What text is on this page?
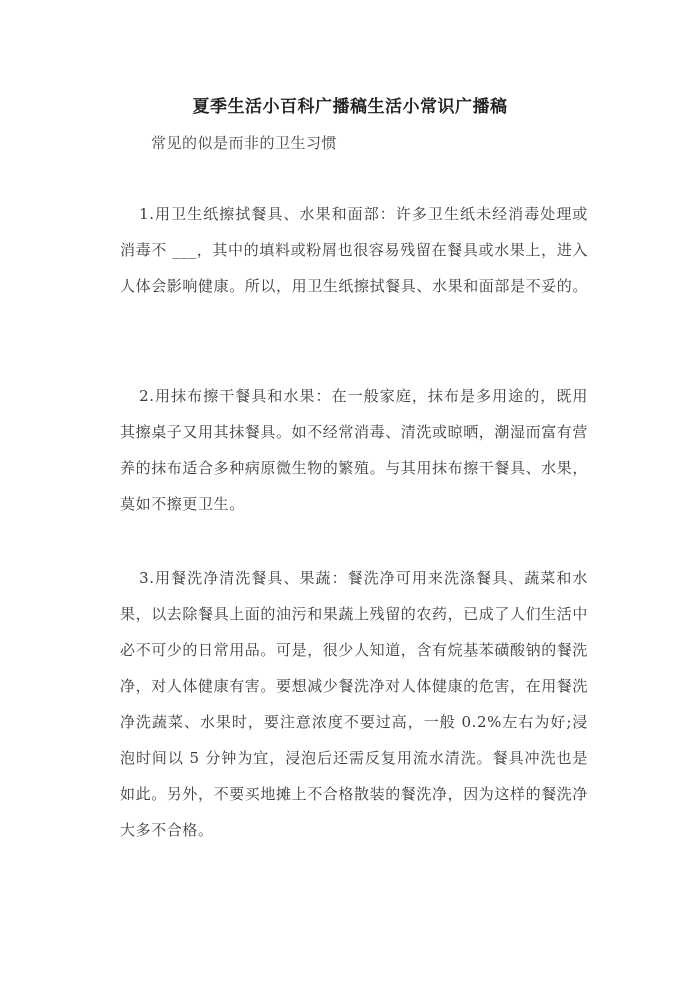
夏季生活小百科广播稿生活小常识广播稿
常见的似是而非的卫生习惯
1.用卫生纸擦拭餐具、水果和面部：许多卫生纸未经消毒处理或消毒不 ___，其中的填料或粉屑也很容易残留在餐具或水果上，进入人体会影响健康。所以，用卫生纸擦拭餐具、水果和面部是不妥的。
2.用抹布擦干餐具和水果：在一般家庭，抹布是多用途的，既用其擦桌子又用其抹餐具。如不经常消毒、清洗或晾晒，潮湿而富有营养的抹布适合多种病原微生物的繁殖。与其用抹布擦干餐具、水果，莫如不擦更卫生。
3.用餐洗净清洗餐具、果蔬：餐洗净可用来洗涤餐具、蔬菜和水果，以去除餐具上面的油污和果蔬上残留的农药，已成了人们生活中必不可少的日常用品。可是，很少人知道，含有烷基苯磺酸钠的餐洗净，对人体健康有害。要想减少餐洗净对人体健康的危害，在用餐洗净洗蔬菜、水果时，要注意浓度不要过高，一般 0.2%左右为好;浸泡时间以 5 分钟为宜，浸泡后还需反复用流水清洗。餐具冲洗也是如此。另外，不要买地摊上不合格散装的餐洗净，因为这样的餐洗净大多不合格。
